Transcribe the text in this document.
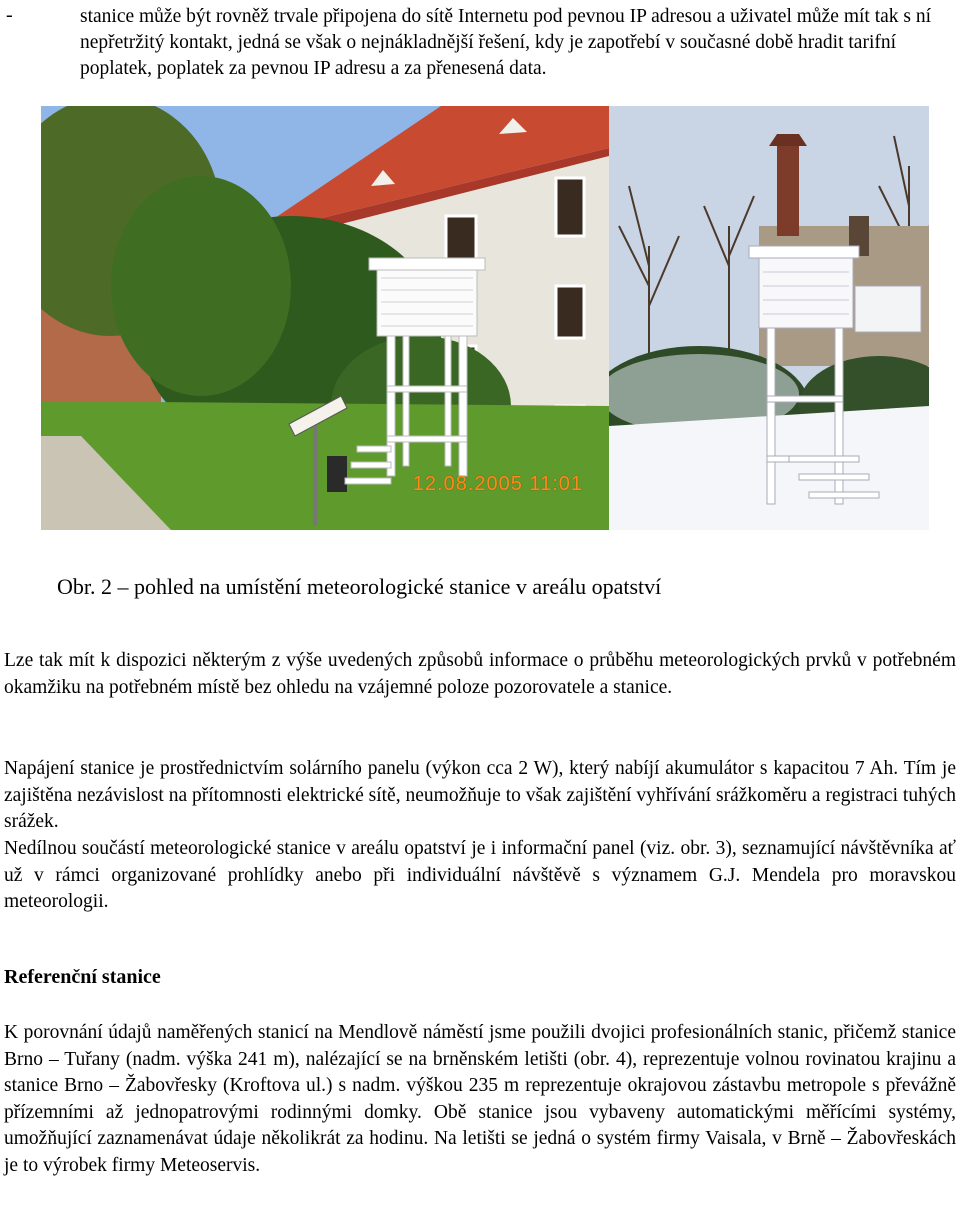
-	stanice může být rovněž trvale připojena do sítě Internetu pod pevnou IP adresou a uživatel může mít tak s ní nepřetržitý kontakt, jedná se však o nejnákladnější řešení, kdy je zapotřebí v současné době hradit tarifní poplatek, poplatek za pevnou IP adresu a za přenesená data.
12.08.2005 11:01
Obr. 2 – pohled na umístění meteorologické stanice v areálu opatství

Lze tak mít k dispozici některým z výše uvedených způsobů informace o průběhu meteorologických prvků v potřebném okamžiku na potřebném místě bez ohledu na vzájemné poloze pozorovatele a stanice.

Napájení stanice je prostřednictvím solárního panelu (výkon cca 2 W), který nabíjí akumulátor s kapacitou 7 Ah. Tím je zajištěna nezávislost na přítomnosti elektrické sítě, neumožňuje to však zajištění vyhřívání srážkoměru a registraci tuhých srážek.

Nedílnou součástí meteorologické stanice v areálu opatství je i informační panel (viz. obr. 3), seznamující návštěvníka ať už v rámci organizované prohlídky anebo při individuální návštěvě s významem G.J. Mendela pro moravskou meteorologii.

Referenční stanice

K porovnání údajů naměřených stanicí na Mendlově náměstí jsme použili dvojici profesionálních stanic, přičemž stanice Brno – Tuřany (nadm. výška 241 m), nalézající se na brněnském letišti (obr. 4), reprezentuje volnou rovinatou krajinu a stanice Brno – Žabovřesky (Kroftova ul.) s nadm. výškou 235 m reprezentuje okrajovou zástavbu metropole s převážně přízemními až jednopatrovými rodinnými domky. Obě stanice jsou vybaveny automatickými měřícími systémy, umožňující zaznamenávat údaje několikrát za hodinu. Na letišti se jedná o systém firmy Vaisala, v Brně – Žabovřeskách je to výrobek firmy Meteoservis.
